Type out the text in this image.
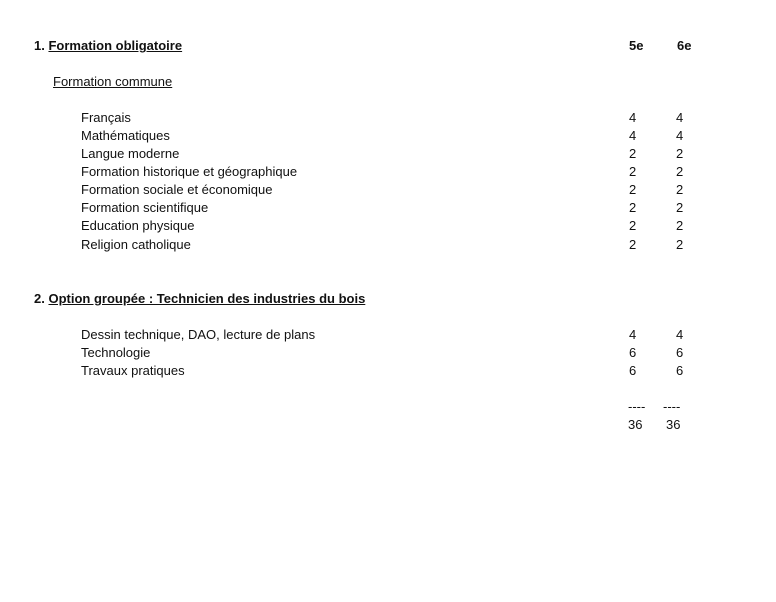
1. Formation obligatoire	5e	6e
Formation commune
Français	4	4
Mathématiques	4	4
Langue moderne	2	2
Formation historique et géographique	2	2
Formation sociale et économique	2	2
Formation scientifique	2	2
Education physique	2	2
Religion catholique	2	2
2. Option groupée : Technicien des industries du bois
Dessin technique, DAO, lecture de plans	4	4
Technologie	6	6
Travaux pratiques	6	6
---- ----
36 36
